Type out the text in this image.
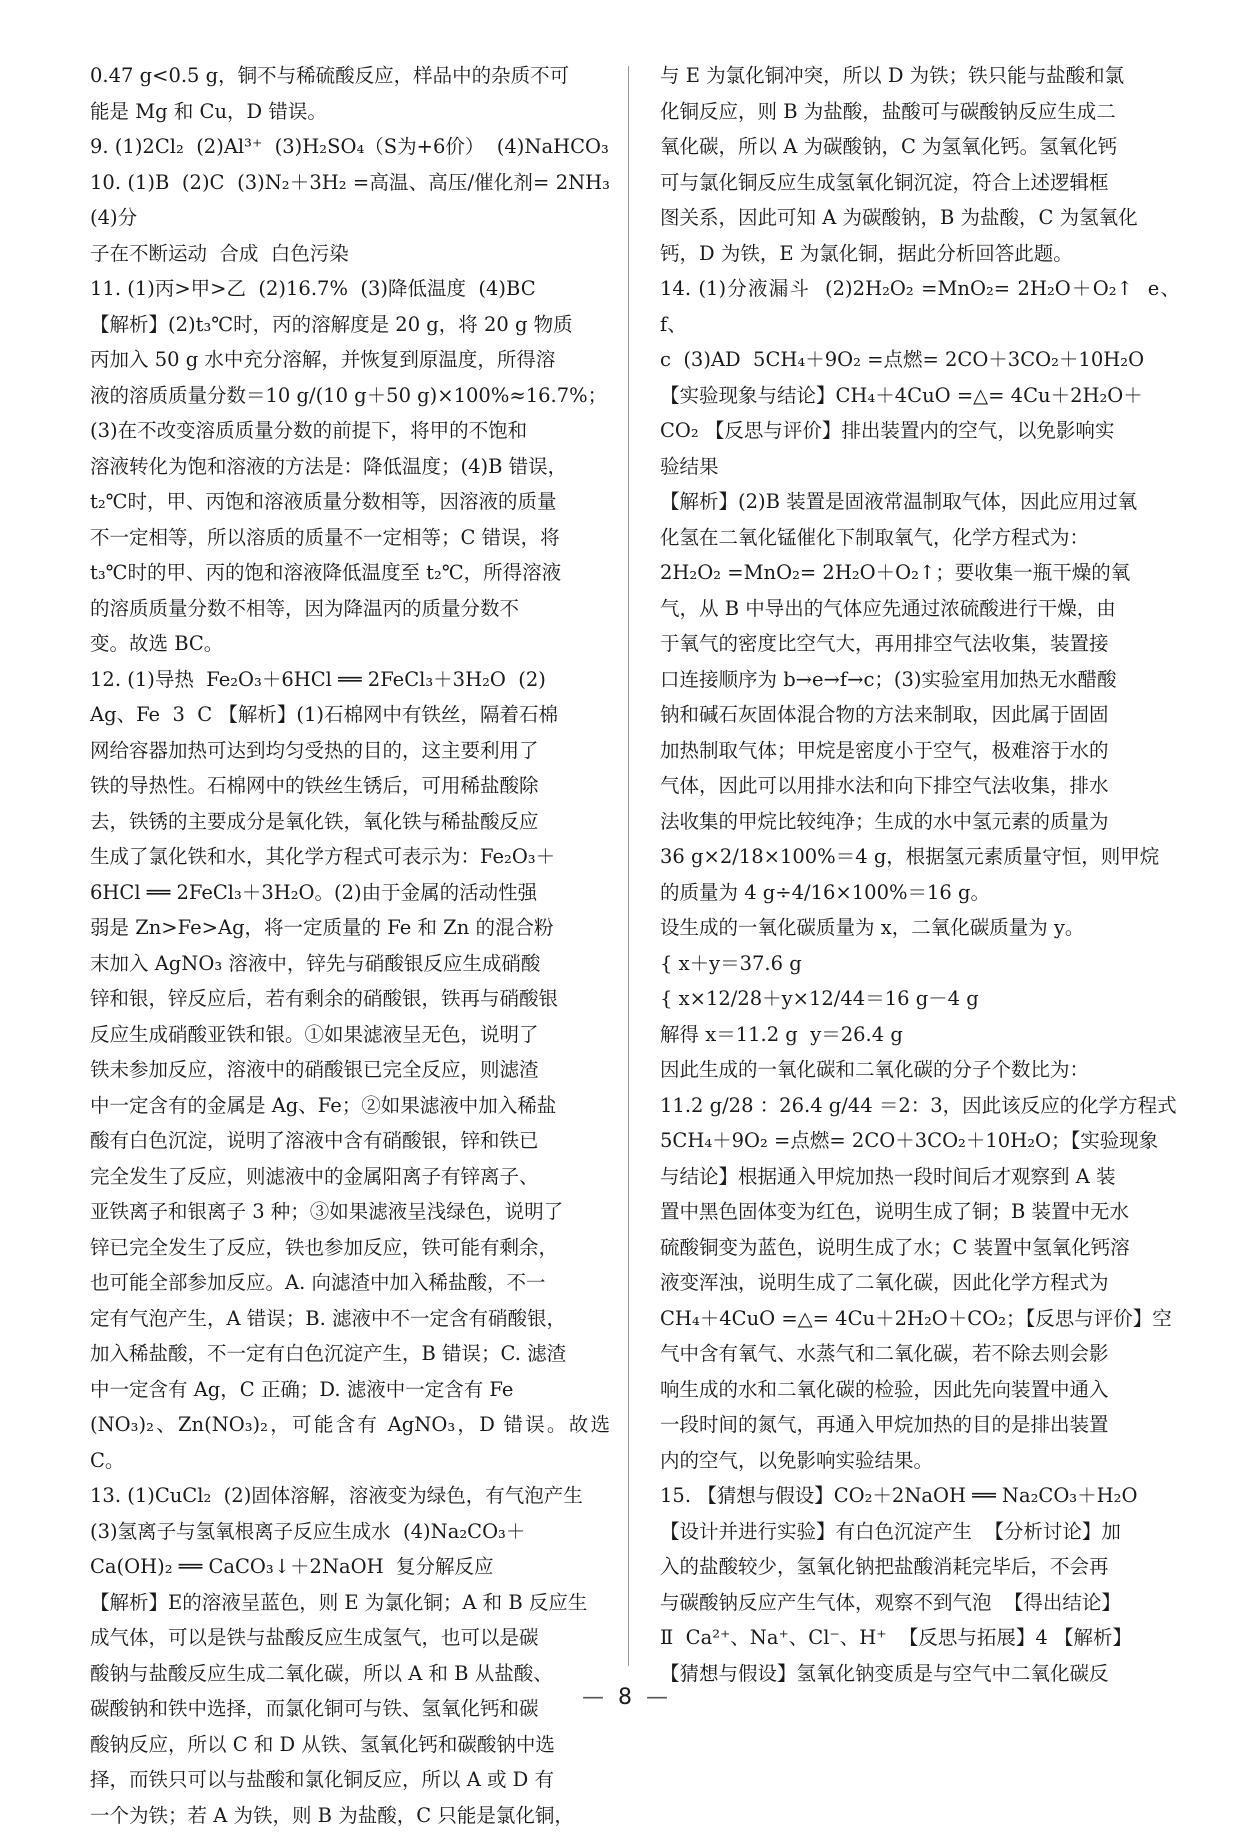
0.47 g<0.5 g，铜不与稀硫酸反应，样品中的杂质不可

能是 Mg 和 Cu，D 错误。

9. (1)2Cl₂  (2)Al³⁺  (3)H₂SO₄（S为+6价）  (4)NaHCO₃

10. (1)B  (2)C  (3)N₂＋3H₂ =高温、高压/催化剂= 2NH₃  (4)分

子在不断运动  合成  白色污染

11. (1)丙>甲>乙  (2)16.7%  (3)降低温度  (4)BC

【解析】(2)t₃℃时，丙的溶解度是 20 g，将 20 g 物质

丙加入 50 g 水中充分溶解，并恢复到原温度，所得溶

液的溶质质量分数＝10 g/(10 g＋50 g)×100%≈16.7%；

(3)在不改变溶质质量分数的前提下，将甲的不饱和

溶液转化为饱和溶液的方法是：降低温度；(4)B 错误，

t₂℃时，甲、丙饱和溶液质量分数相等，因溶液的质量

不一定相等，所以溶质的质量不一定相等；C 错误，将

t₃℃时的甲、丙的饱和溶液降低温度至 t₂℃，所得溶液

的溶质质量分数不相等，因为降温丙的质量分数不

变。故选 BC。

12. (1)导热  Fe₂O₃＋6HCl ══ 2FeCl₃＋3H₂O  (2)

Ag、Fe  3  C 【解析】(1)石棉网中有铁丝，隔着石棉

网给容器加热可达到均匀受热的目的，这主要利用了

铁的导热性。石棉网中的铁丝生锈后，可用稀盐酸除

去，铁锈的主要成分是氧化铁，氧化铁与稀盐酸反应

生成了氯化铁和水，其化学方程式可表示为：Fe₂O₃＋

6HCl ══ 2FeCl₃＋3H₂O。(2)由于金属的活动性强

弱是 Zn>Fe>Ag，将一定质量的 Fe 和 Zn 的混合粉

末加入 AgNO₃ 溶液中，锌先与硝酸银反应生成硝酸

锌和银，锌反应后，若有剩余的硝酸银，铁再与硝酸银

反应生成硝酸亚铁和银。①如果滤液呈无色，说明了

铁未参加反应，溶液中的硝酸银已完全反应，则滤渣

中一定含有的金属是 Ag、Fe；②如果滤液中加入稀盐

酸有白色沉淀，说明了溶液中含有硝酸银，锌和铁已

完全发生了反应，则滤液中的金属阳离子有锌离子、

亚铁离子和银离子 3 种；③如果滤液呈浅绿色，说明了

锌已完全发生了反应，铁也参加反应，铁可能有剩余，

也可能全部参加反应。A. 向滤渣中加入稀盐酸，不一

定有气泡产生，A 错误；B. 滤液中不一定含有硝酸银，

加入稀盐酸，不一定有白色沉淀产生，B 错误；C. 滤渣

中一定含有 Ag，C 正确；D. 滤液中一定含有 Fe

(NO₃)₂、Zn(NO₃)₂，可能含有 AgNO₃，D 错误。故选 C。

13. (1)CuCl₂  (2)固体溶解，溶液变为绿色，有气泡产生

(3)氢离子与氢氧根离子反应生成水  (4)Na₂CO₃＋

Ca(OH)₂ ══ CaCO₃↓＋2NaOH  复分解反应

【解析】E的溶液呈蓝色，则 E 为氯化铜；A 和 B 反应生

成气体，可以是铁与盐酸反应生成氢气，也可以是碳

酸钠与盐酸反应生成二氧化碳，所以 A 和 B 从盐酸、

碳酸钠和铁中选择，而氯化铜可与铁、氢氧化钙和碳

酸钠反应，所以 C 和 D 从铁、氢氧化钙和碳酸钠中选

择，而铁只可以与盐酸和氯化铜反应，所以 A 或 D 有

一个为铁；若 A 为铁，则 B 为盐酸，C 只能是氯化铜，

与 E 为氯化铜冲突，所以 D 为铁；铁只能与盐酸和氯

化铜反应，则 B 为盐酸，盐酸可与碳酸钠反应生成二

氧化碳，所以 A 为碳酸钠，C 为氢氧化钙。氢氧化钙

可与氯化铜反应生成氢氧化铜沉淀，符合上述逻辑框

图关系，因此可知 A 为碳酸钠，B 为盐酸，C 为氢氧化

钙，D 为铁，E 为氯化铜，据此分析回答此题。

14. (1)分液漏斗  (2)2H₂O₂ =MnO₂= 2H₂O＋O₂↑  e、f、

c  (3)AD  5CH₄＋9O₂ =点燃= 2CO＋3CO₂＋10H₂O

【实验现象与结论】CH₄＋4CuO =△= 4Cu＋2H₂O＋

CO₂ 【反思与评价】排出装置内的空气，以免影响实

验结果

【解析】(2)B 装置是固液常温制取气体，因此应用过氧

化氢在二氧化锰催化下制取氧气，化学方程式为：

2H₂O₂ =MnO₂= 2H₂O＋O₂↑；要收集一瓶干燥的氧

气，从 B 中导出的气体应先通过浓硫酸进行干燥，由

于氧气的密度比空气大，再用排空气法收集，装置接

口连接顺序为 b→e→f→c；(3)实验室用加热无水醋酸

钠和碱石灰固体混合物的方法来制取，因此属于固固

加热制取气体；甲烷是密度小于空气，极难溶于水的

气体，因此可以用排水法和向下排空气法收集，排水

法收集的甲烷比较纯净；生成的水中氢元素的质量为

36 g×2/18×100%＝4 g，根据氢元素质量守恒，则甲烷

的质量为 4 g÷4/16×100%＝16 g。

设生成的一氧化碳质量为 x，二氧化碳质量为 y。

{ x＋y＝37.6 g

{ x×12/28＋y×12/44＝16 g－4 g

解得 x＝11.2 g  y＝26.4 g

因此生成的一氧化碳和二氧化碳的分子个数比为：

11.2 g/28 ：26.4 g/44 ＝2：3，因此该反应的化学方程式

5CH₄＋9O₂ =点燃= 2CO＋3CO₂＋10H₂O；【实验现象

与结论】根据通入甲烷加热一段时间后才观察到 A 装

置中黑色固体变为红色，说明生成了铜；B 装置中无水

硫酸铜变为蓝色，说明生成了水；C 装置中氢氧化钙溶

液变浑浊，说明生成了二氧化碳，因此化学方程式为

CH₄＋4CuO =△= 4Cu＋2H₂O＋CO₂；【反思与评价】空

气中含有氧气、水蒸气和二氧化碳，若不除去则会影

响生成的水和二氧化碳的检验，因此先向装置中通入

一段时间的氮气，再通入甲烷加热的目的是排出装置

内的空气，以免影响实验结果。

15. 【猜想与假设】CO₂＋2NaOH ══ Na₂CO₃＋H₂O

【设计并进行实验】有白色沉淀产生  【分析讨论】加

入的盐酸较少，氢氧化钠把盐酸消耗完毕后，不会再

与碳酸钠反应产生气体，观察不到气泡  【得出结论】

Ⅱ  Ca²⁺、Na⁺、Cl⁻、H⁺  【反思与拓展】4 【解析】

【猜想与假设】氢氧化钠变质是与空气中二氧化碳反

— 8 —
